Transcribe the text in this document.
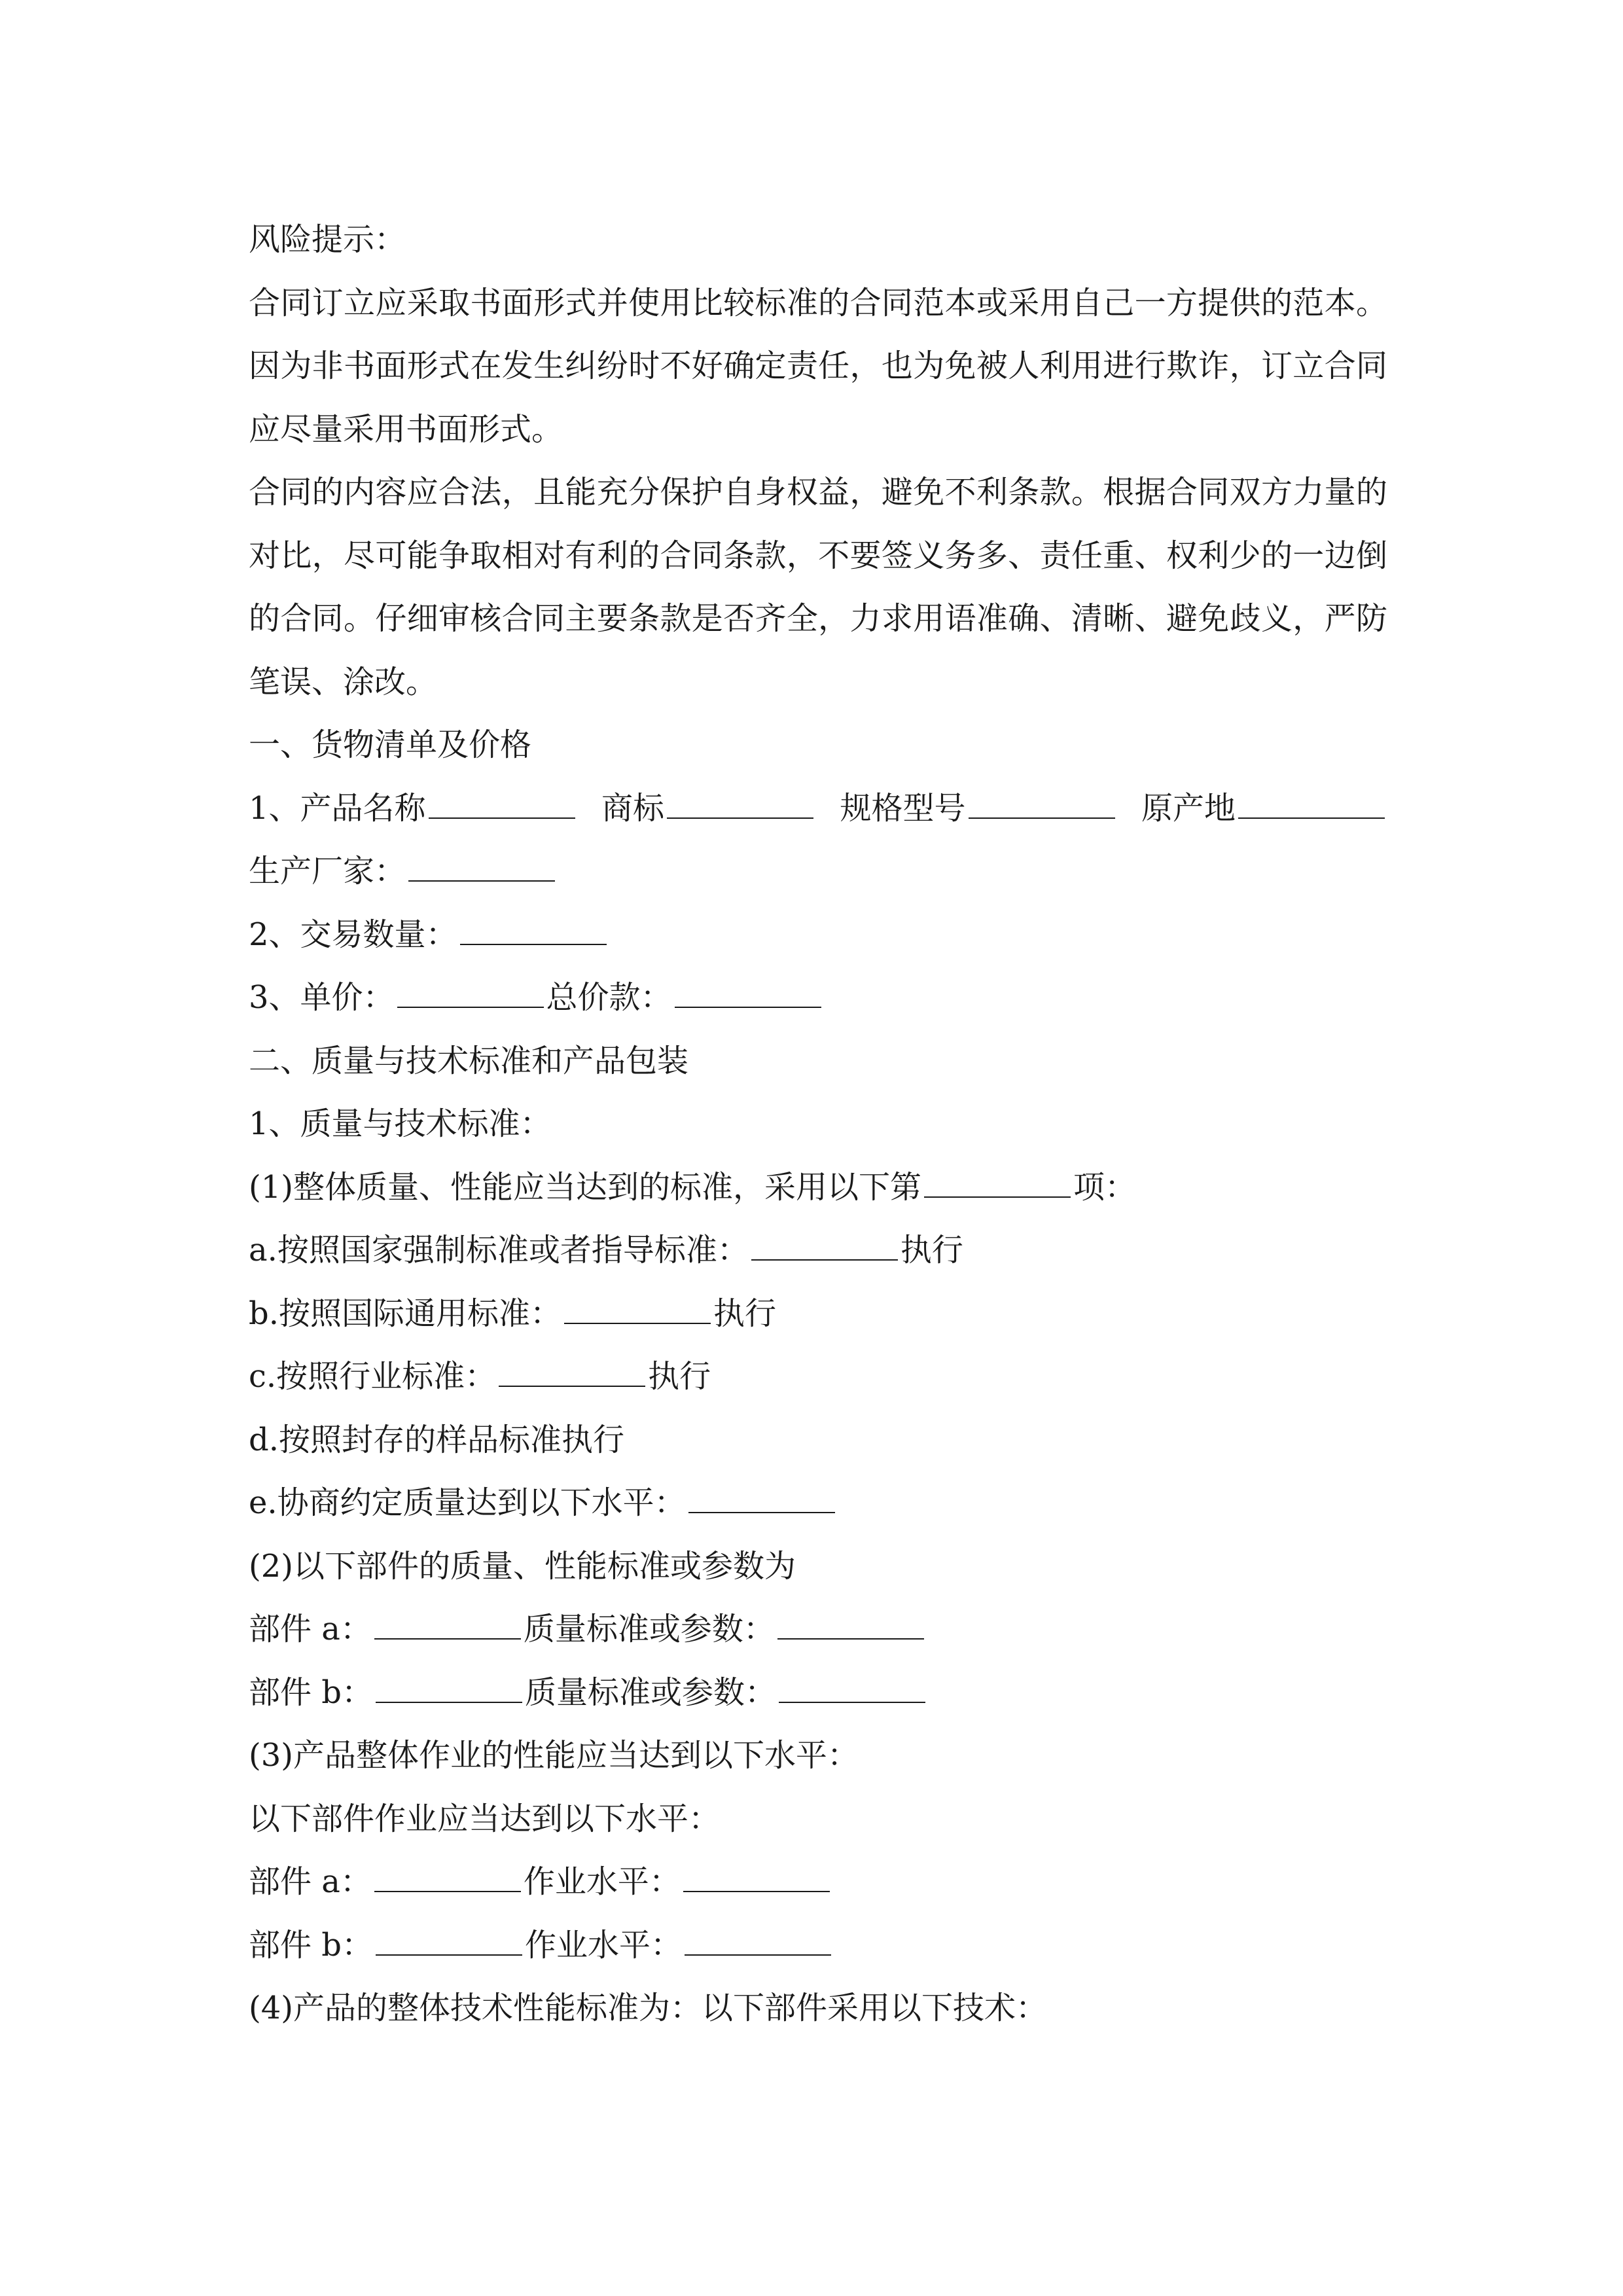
风险提示：

合同订立应采取书面形式并使用比较标准的合同范本或采用自己一方提供的范本。因为非书面形式在发生纠纷时不好确定责任，也为免被人利用进行欺诈，订立合同应尽量采用书面形式。

合同的内容应合法，且能充分保护自身权益，避免不利条款。根据合同双方力量的对比，尽可能争取相对有利的合同条款，不要签义务多、责任重、权利少的一边倒的合同。仔细审核合同主要条款是否齐全，力求用语准确、清晰、避免歧义，严防笔误、涂改。

一、货物清单及价格

1、产品名称	商标	规格型号	原产地
生产厂家：
2、交易数量：
3、单价：	总价款：

二、质量与技术标准和产品包装

1、质量与技术标准：

(1)整体质量、性能应当达到的标准，采用以下第	项：
a.按照国家强制标准或者指导标准：	执行
b.按照国际通用标准：	执行
c.按照行业标准：	执行

d.按照封存的样品标准执行

e.协商约定质量达到以下水平：

(2)以下部件的质量、性能标准或参数为

部件 a：	质量标准或参数：
部件 b：	质量标准或参数：

(3)产品整体作业的性能应当达到以下水平：

以下部件作业应当达到以下水平：

部件 a：	作业水平：
部件 b：	作业水平：

(4)产品的整体技术性能标准为：以下部件采用以下技术：
